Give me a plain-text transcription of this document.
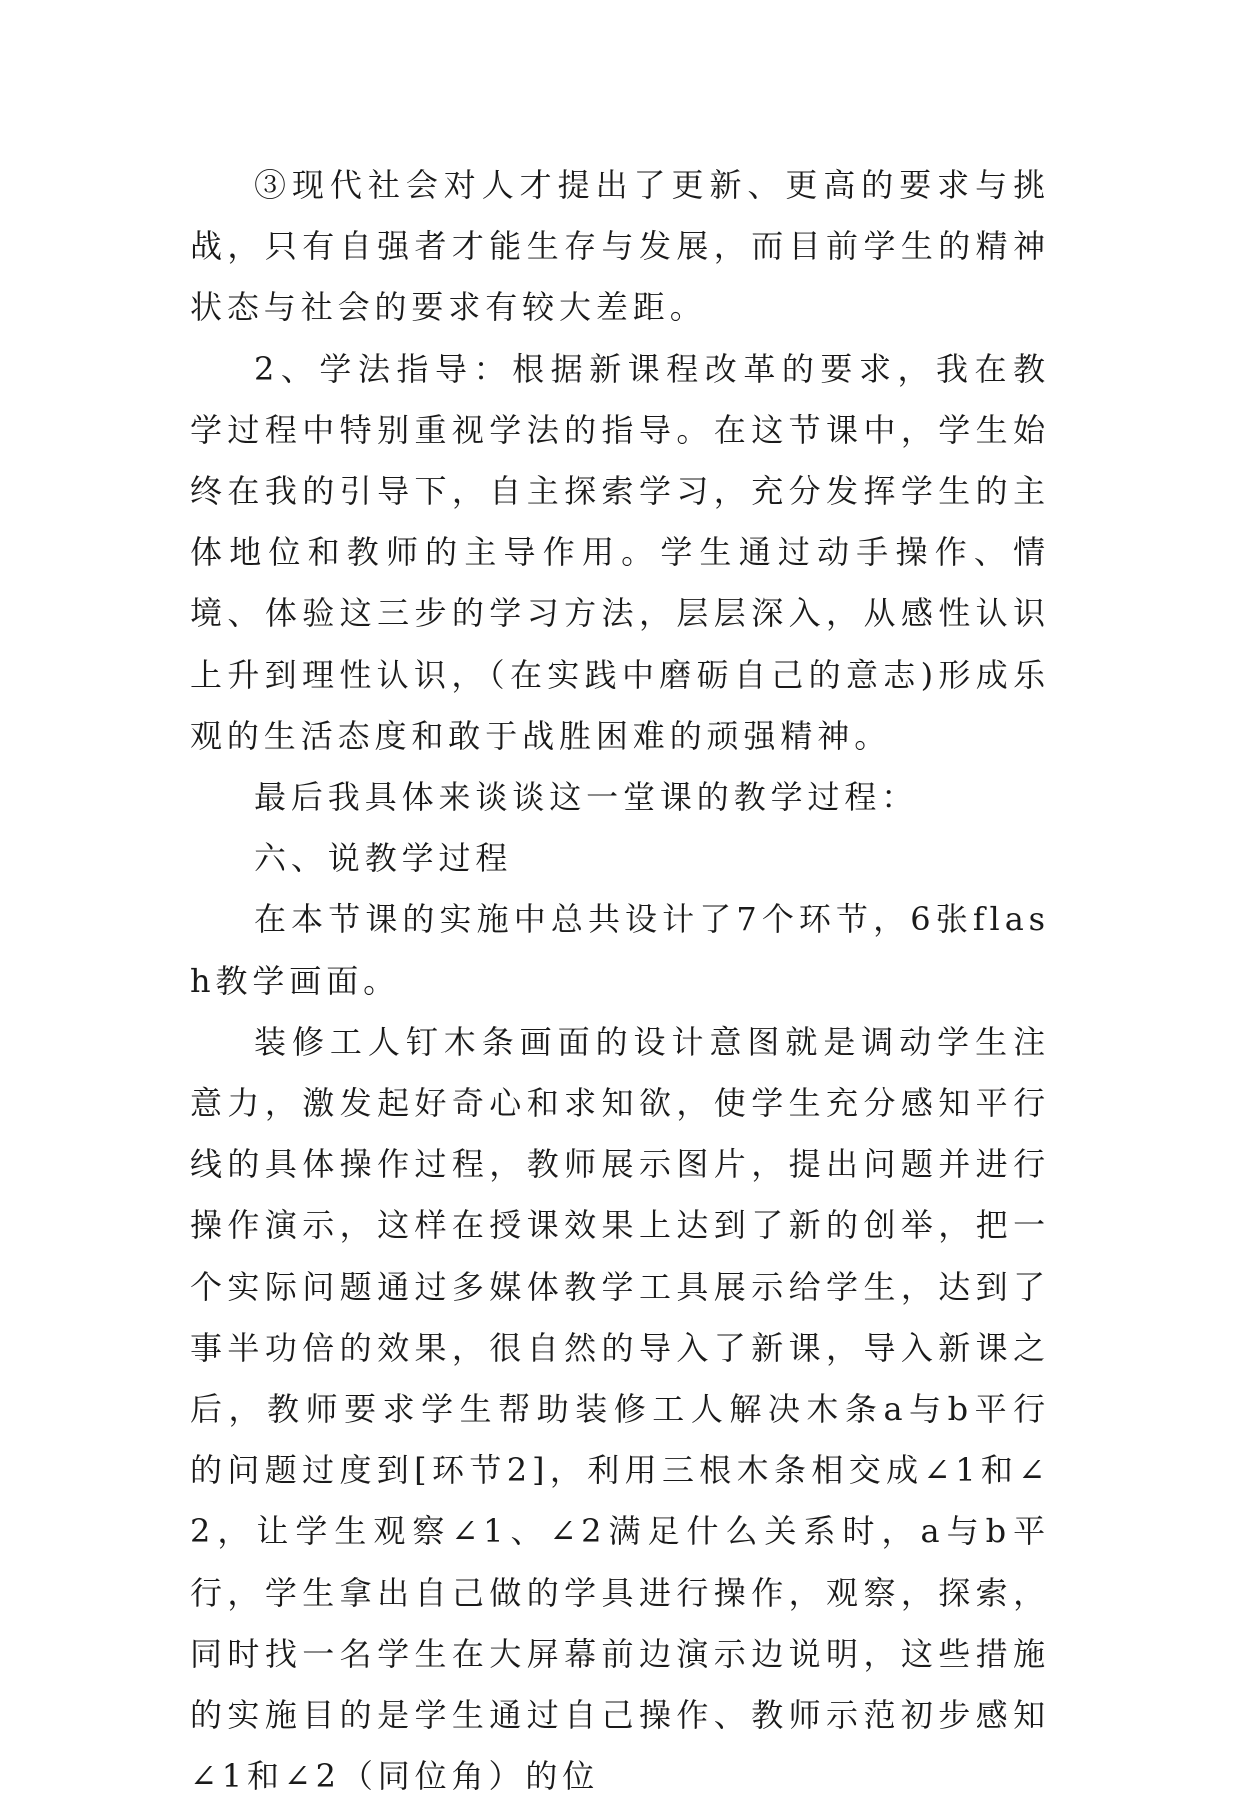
③现代社会对人才提出了更新、更高的要求与挑战，只有自强者才能生存与发展，而目前学生的精神状态与社会的要求有较大差距。

2、学法指导：根据新课程改革的要求，我在教学过程中特别重视学法的指导。在这节课中，学生始终在我的引导下，自主探索学习，充分发挥学生的主体地位和教师的主导作用。学生通过动手操作、情境、体验这三步的学习方法，层层深入，从感性认识上升到理性认识，（在实践中磨砺自己的意志)形成乐观的生活态度和敢于战胜困难的顽强精神。

最后我具体来谈谈这一堂课的教学过程：

六、说教学过程

在本节课的实施中总共设计了7个环节，6张flash教学画面。

装修工人钉木条画面的设计意图就是调动学生注意力，激发起好奇心和求知欲，使学生充分感知平行线的具体操作过程，教师展示图片，提出问题并进行操作演示，这样在授课效果上达到了新的创举，把一个实际问题通过多媒体教学工具展示给学生，达到了事半功倍的效果，很自然的导入了新课，导入新课之后，教师要求学生帮助装修工人解决木条a与b平行的问题过度到[环节2]，利用三根木条相交成∠1和∠2，让学生观察∠1、∠2满足什么关系时，a与b平行，学生拿出自己做的学具进行操作，观察，探索，同时找一名学生在大屏幕前边演示边说明，这些措施的实施目的是学生通过自己操作、教师示范初步感知∠1和∠2（同位角）的位
